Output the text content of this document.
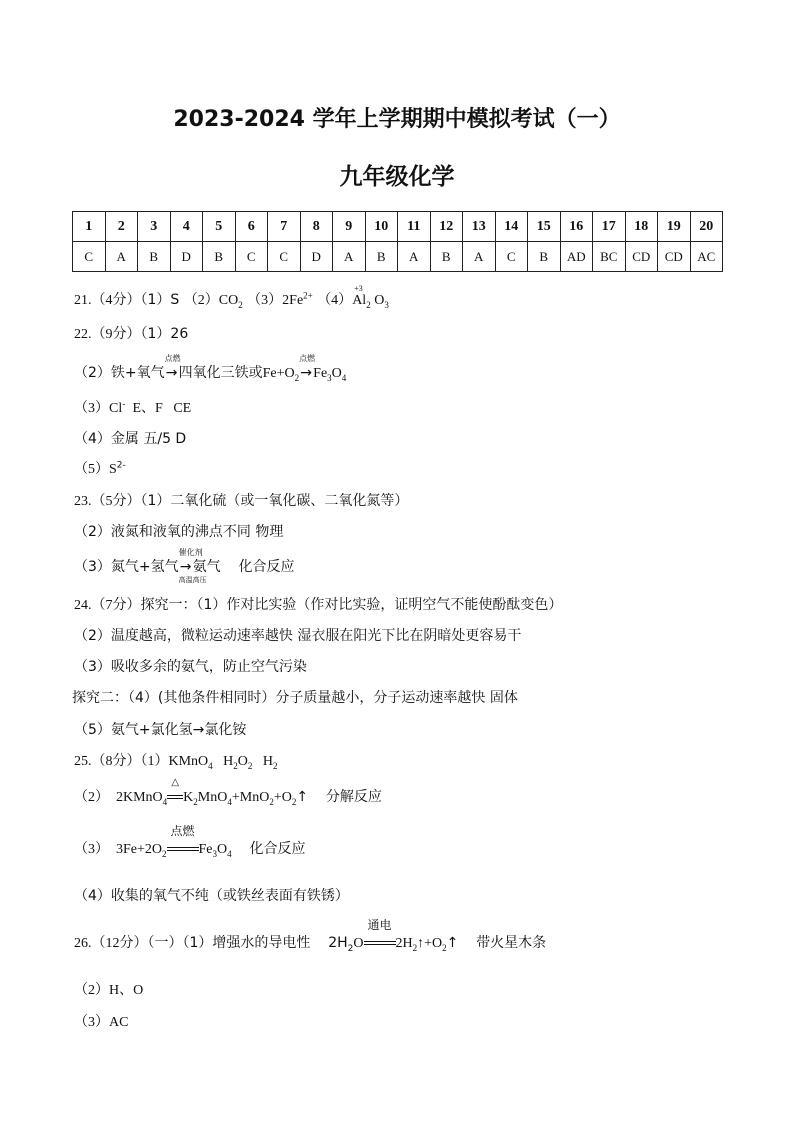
2023-2024 学年上学期期中模拟考试（一）
九年级化学
1	2	3	4	5	6	7	8	9	10	11	12	13	14	15	16	17	18	19	20
C	A	B	D	B	C	C	D	A	B	A	B	A	C	B	AD	BC	CD	CD	AC
21.（4分）（1）S $(2)CO_2$ $(3)2Fe^{2+}$ （4）
+3
$Al_2$ $O_3$
22.（9分）（1）26
（2）铁+氧气
点燃
→四氧化三铁或$Fe+O_2$
点燃
$\to Fe_3O_4$
（3）Cl-  E、F   CE
（4）金属 五/5 D
$(5)S^{2-}$
23.（5分）（1）二氧化硫（或一氧化碳、二氧化氮等）
（2）液氮和液氧的沸点不同 物理
（3）氮气+氢气
催化剂
→
高温高压
氨气    化合反应
24.（7分）探究一：（1）作对比实验（作对比实验，证明空气不能使酚酞变色）
（2）温度越高，微粒运动速率越快 湿衣服在阳光下比在阴暗处更容易干
（3）吸收多余的氨气，防止空气污染
探究二：（4）(其他条件相同时）分子质量越小，分子运动速率越快 固体
（5）氨气+氯化氢→氯化铵
25.（8分）（1）KMnO$_4$   $H_2O_2$   $H_2$
（2）  2KMnO$_4$
△
$K_2MnO_4+MnO_2+O_2↑$    分解反应
（3）  $3Fe+2O_2$
点燃
$Fe_3O_4$    化合反应
（4）收集的氧气不纯（或铁丝表面有铁锈）
26.（12分）（一）（1）增强水的导电性    $2H_2O$
通电
$2H_2↑+O_2↑$    带火星木条
（2）H、O
（3）AC
